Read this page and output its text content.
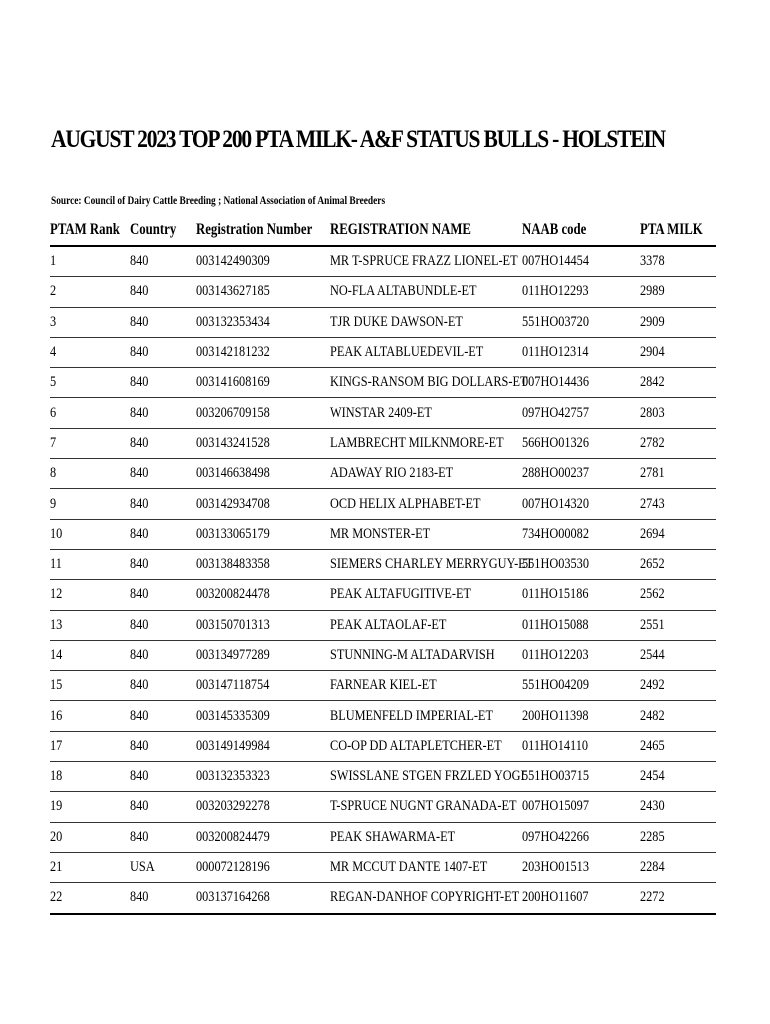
AUGUST 2023 TOP 200 PTA MILK- A&F STATUS BULLS - HOLSTEIN
Source: Council of Dairy Cattle Breeding ; National Association of Animal Breeders
PTAM Rank	Country	Registration Number	REGISTRATION NAME	NAAB code	PTA MILK
1	840	003142490309	MR T-SPRUCE FRAZZ LIONEL-ET	007HO14454	3378
2	840	003143627185	NO-FLA ALTABUNDLE-ET	011HO12293	2989
3	840	003132353434	TJR DUKE DAWSON-ET	551HO03720	2909
4	840	003142181232	PEAK ALTABLUEDEVIL-ET	011HO12314	2904
5	840	003141608169	KINGS-RANSOM BIG DOLLARS-ET	007HO14436	2842
6	840	003206709158	WINSTAR 2409-ET	097HO42757	2803
7	840	003143241528	LAMBRECHT MILKNMORE-ET	566HO01326	2782
8	840	003146638498	ADAWAY RIO 2183-ET	288HO00237	2781
9	840	003142934708	OCD HELIX ALPHABET-ET	007HO14320	2743
10	840	003133065179	MR MONSTER-ET	734HO00082	2694
11	840	003138483358	SIEMERS CHARLEY MERRYGUY-ET	551HO03530	2652
12	840	003200824478	PEAK ALTAFUGITIVE-ET	011HO15186	2562
13	840	003150701313	PEAK ALTAOLAF-ET	011HO15088	2551
14	840	003134977289	STUNNING-M ALTADARVISH	011HO12203	2544
15	840	003147118754	FARNEAR KIEL-ET	551HO04209	2492
16	840	003145335309	BLUMENFELD IMPERIAL-ET	200HO11398	2482
17	840	003149149984	CO-OP DD ALTAPLETCHER-ET	011HO14110	2465
18	840	003132353323	SWISSLANE STGEN FRZLED YOGI	551HO03715	2454
19	840	003203292278	T-SPRUCE NUGNT GRANADA-ET	007HO15097	2430
20	840	003200824479	PEAK SHAWARMA-ET	097HO42266	2285
21	USA	000072128196	MR MCCUT DANTE 1407-ET	203HO01513	2284
22	840	003137164268	REGAN-DANHOF COPYRIGHT-ET	200HO11607	2272
